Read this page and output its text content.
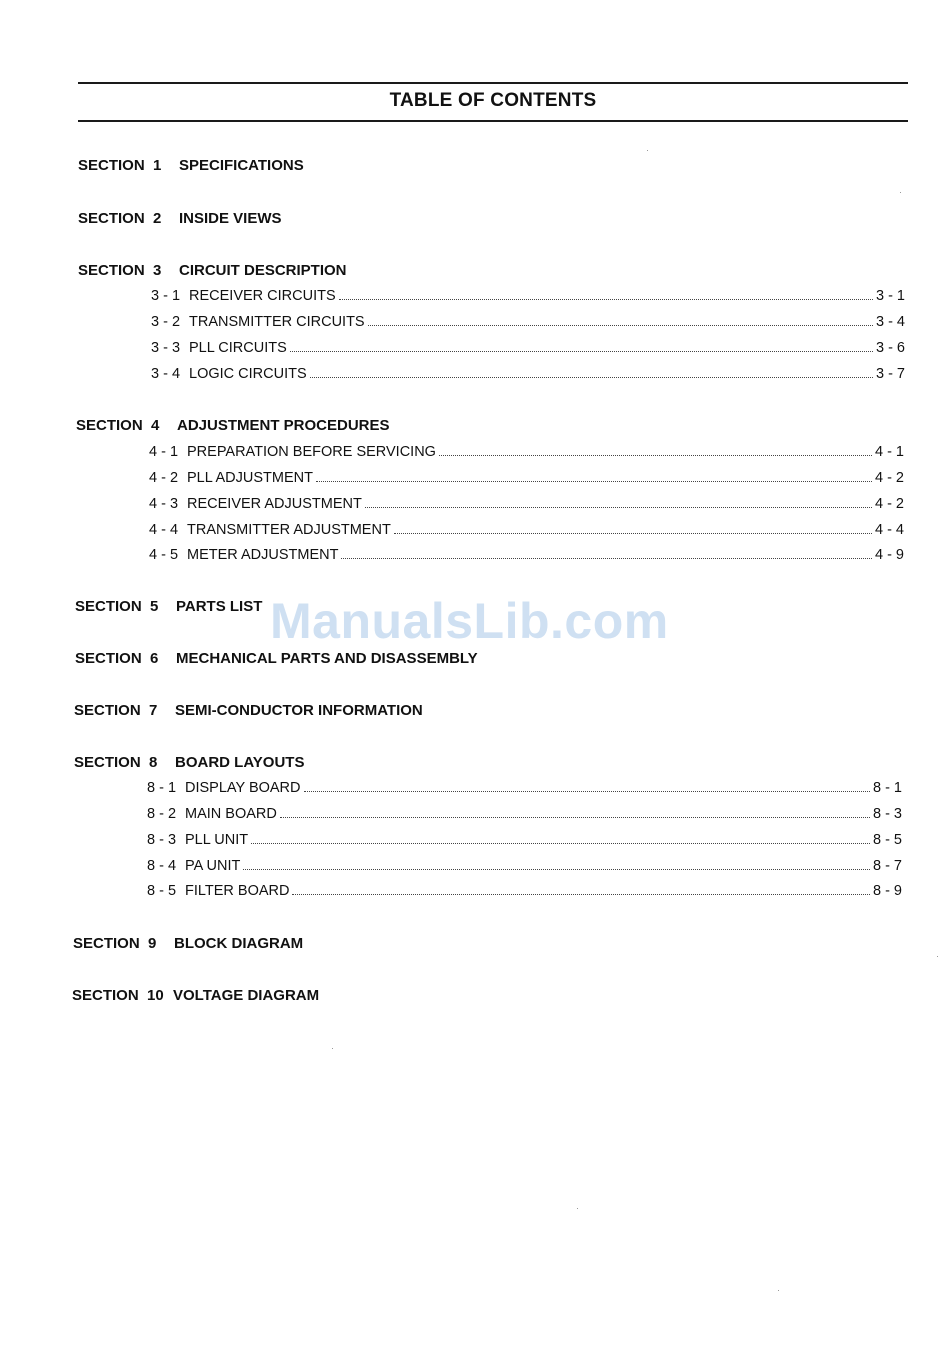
TABLE OF CONTENTS
SECTION  1 SPECIFICATIONS
SECTION  2 INSIDE VIEWS
SECTION  3 CIRCUIT DESCRIPTION
3 - 1 RECEIVER CIRCUITS	3 - 1
3 - 2 TRANSMITTER CIRCUITS	3 - 4
3 - 3 PLL CIRCUITS	3 - 6
3 - 4 LOGIC CIRCUITS	3 - 7
SECTION  4 ADJUSTMENT PROCEDURES
4 - 1 PREPARATION BEFORE SERVICING	4 - 1
4 - 2 PLL ADJUSTMENT	4 - 2
4 - 3 RECEIVER ADJUSTMENT	4 - 2
4 - 4 TRANSMITTER ADJUSTMENT	4 - 4
4 - 5 METER ADJUSTMENT	4 - 9
SECTION  5 PARTS LIST
SECTION  6 MECHANICAL PARTS AND DISASSEMBLY
SECTION  7 SEMI-CONDUCTOR INFORMATION
SECTION  8 BOARD LAYOUTS
8 - 1 DISPLAY BOARD	8 - 1
8 - 2 MAIN BOARD	8 - 3
8 - 3 PLL UNIT	8 - 5
8 - 4 PA UNIT	8 - 7
8 - 5 FILTER BOARD	8 - 9
SECTION  9 BLOCK DIAGRAM
SECTION  10 VOLTAGE DIAGRAM
ManualsLib.com
